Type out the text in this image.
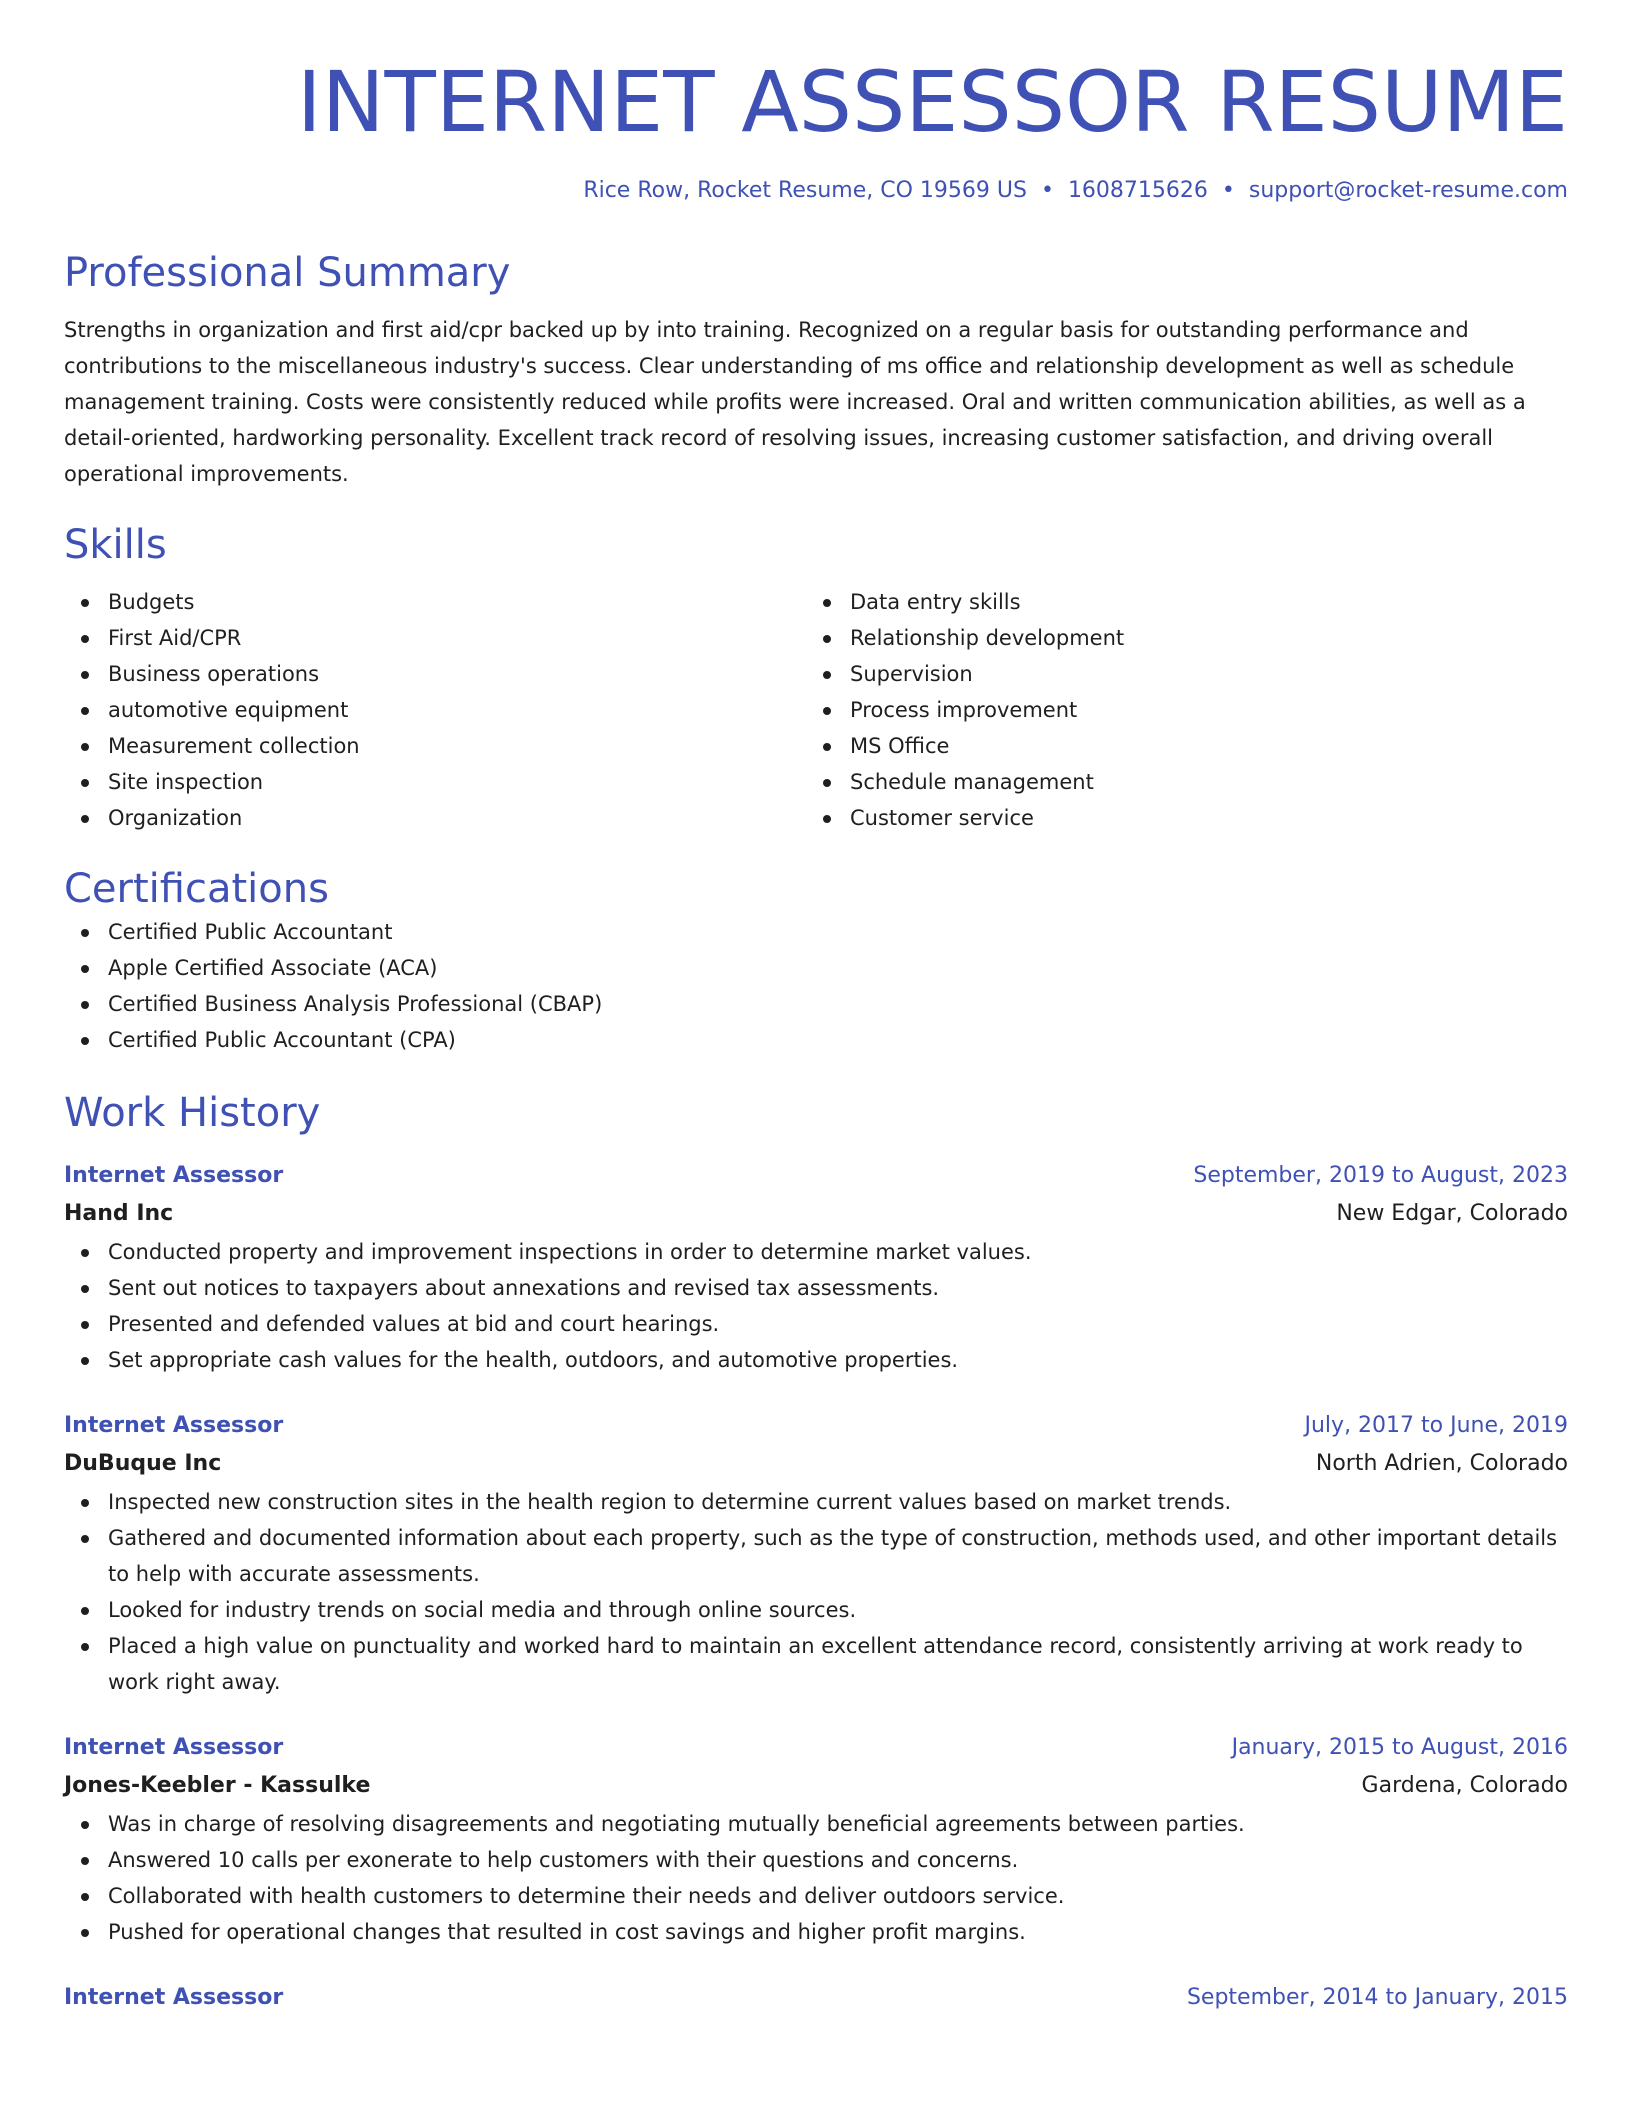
INTERNET ASSESSOR RESUME
Rice Row, Rocket Resume, CO 19569 US • 1608715626 • support@rocket-resume.com
Professional Summary
Strengths in organization and first aid/cpr backed up by into training. Recognized on a regular basis for outstanding performance and contributions to the miscellaneous industry's success. Clear understanding of ms office and relationship development as well as schedule management training. Costs were consistently reduced while profits were increased. Oral and written communication abilities, as well as a detail-oriented, hardworking personality. Excellent track record of resolving issues, increasing customer satisfaction, and driving overall operational improvements.
Skills
Budgets
First Aid/CPR
Business operations
automotive equipment
Measurement collection
Site inspection
Organization
Data entry skills
Relationship development
Supervision
Process improvement
MS Office
Schedule management
Customer service
Certifications
Certified Public Accountant
Apple Certified Associate (ACA)
Certified Business Analysis Professional (CBAP)
Certified Public Accountant (CPA)
Work History
Internet Assessor	September, 2019 to August, 2023
Hand Inc	New Edgar, Colorado
Conducted property and improvement inspections in order to determine market values.
Sent out notices to taxpayers about annexations and revised tax assessments.
Presented and defended values at bid and court hearings.
Set appropriate cash values for the health, outdoors, and automotive properties.
Internet Assessor	July, 2017 to June, 2019
DuBuque Inc	North Adrien, Colorado
Inspected new construction sites in the health region to determine current values based on market trends.
Gathered and documented information about each property, such as the type of construction, methods used, and other important details to help with accurate assessments.
Looked for industry trends on social media and through online sources.
Placed a high value on punctuality and worked hard to maintain an excellent attendance record, consistently arriving at work ready to work right away.
Internet Assessor	January, 2015 to August, 2016
Jones-Keebler - Kassulke	Gardena, Colorado
Was in charge of resolving disagreements and negotiating mutually beneficial agreements between parties.
Answered 10 calls per exonerate to help customers with their questions and concerns.
Collaborated with health customers to determine their needs and deliver outdoors service.
Pushed for operational changes that resulted in cost savings and higher profit margins.
Internet Assessor	September, 2014 to January, 2015
